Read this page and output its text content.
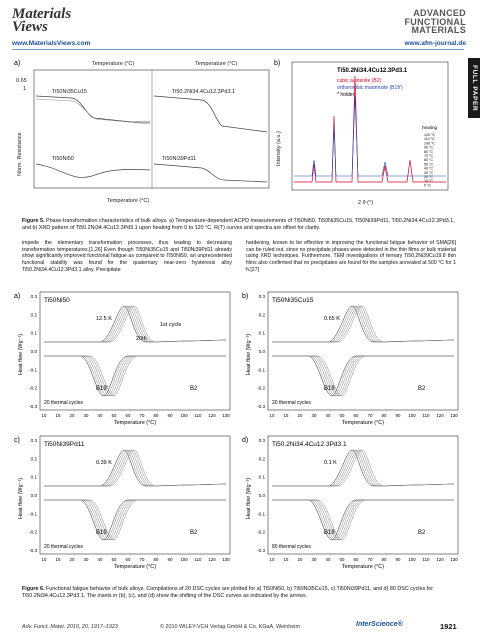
Materials
Views
www.MaterialsViews.com
ADVANCED
FUNCTIONAL
MATERIALS
www.afm-journal.de
FULL PAPER
a)	Temperature (°C)	Temperature (°C)
0.65
1
Norm. Resistance
Ti50Ni35Cu15	Ti50.2Ni34.4Cu12.3Pd3.1
Ti50Ni50	Ti50Ni39Pd11
Temperature (°C)
b)
Intensity (a.u.)
2 θ (°)
Ti50.2Ni34.4Cu12.3Pd3.1
cubic austenite (B2)
orthorombic martensite (B19')
* holder
heating
120 °C
110 °C
100 °C
90 °C
80 °C
70 °C
60 °C
50 °C
40 °C
30 °C
20 °C
10 °C
0 °C
Figure 5. Phase-transformation characteristics of bulk alloys. a) Temperature-dependent ACPD measurements of Ti50Ni50, Ti50Ni35Cu15, Ti50Ni39Pd11, Ti50.2Ni34.4Cu12.3Pd3.1, and b) XRD pattern of Ti50.2Ni34.4Cu12.3Pd3.1 upon heating from 0 to 120 °C. R(T) curves and spectra are offset for clarity.
impede the elementary transformation processes, thus leading to decreasing transformation temperatures.[1,26] Even though Ti50Ni35Cu15 and Ti50Ni39Pd11 already show significantly improved functional fatigue as compared to Ti50Ni50, an unprecedented functional stability was found for the quaternary near-zero hysteresis alloy Ti50.2Ni34.4Cu12.3Pd3.1 alloy. Precipitate
hardening, known to be effective in improving the functional fatigue behavior of SMA[26] can be ruled out, since no precipitate phases were detected in the thin films or bulk material using XRD techniques. Furthermore, TEM investigations of ternary Ti50.2Ni39Cu19.8 thin films also confirmed that no precipitates are found for the samples annealed at 500 °C for 1 h.[27]
a) 0.3
0.2
0.1
0.0
-0.1
-0.2
-0.3
10 15 20 30 40 50 60 70 80 90 100 110 120 130
Temperature (°C)
Heat flow (Wg⁻¹)
Ti50Ni50
12.5 K
1st cycle
20th
B19'	B2
20 thermal cycles
b) 0.3
0.2
0.1
0.0
-0.1
-0.2
-0.3
10 15 20 30 40 50 60 70 80 90 100 110 120 130
Temperature (°C)
Heat flow (Wg⁻¹)
Ti50Ni35Cu15
0.65 K
B19	B2
20 thermal cycles
c) 0.3
0.2
0.1
0.0
-0.1
-0.2
-0.3
10 15 20 30 40 50 60 70 80 90 100 110 120 130
Temperature (°C)
Heat flow (Wg⁻¹)
Ti50Ni39Pd11
0.39 K
B19	B2
20 thermal cycles
d) 0.3
0.2
0.1
0.0
-0.1
-0.2
-0.3
10 15 20 30 40 50 60 70 80 90 100 110 120 130
Temperature (°C)
Heat flow (Wg⁻¹)
Ti50.2Ni34.4Cu12.3Pd3.1
0.1 K
B19	B2
80 thermal cycles
Figure 6. Functional fatigue behavior of bulk alloys. Compilations of 20 DSC cycles are plotted for a) Ti50Ni50, b) Ti50Ni35Cu15, c) Ti50Ni39Pd11, and d) 80 DSC cycles for Ti50.2Ni34.4Cu12.3Pd3.1. The insets in (b), (c), and (d) show the shifting of the DSC curves as indicated by the arrows.
Adv. Funct. Mater. 2010, 20, 1917–1923	© 2010 WILEY-VCH Verlag GmbH & Co. KGaA, Weinheim	InterScience®	1921
